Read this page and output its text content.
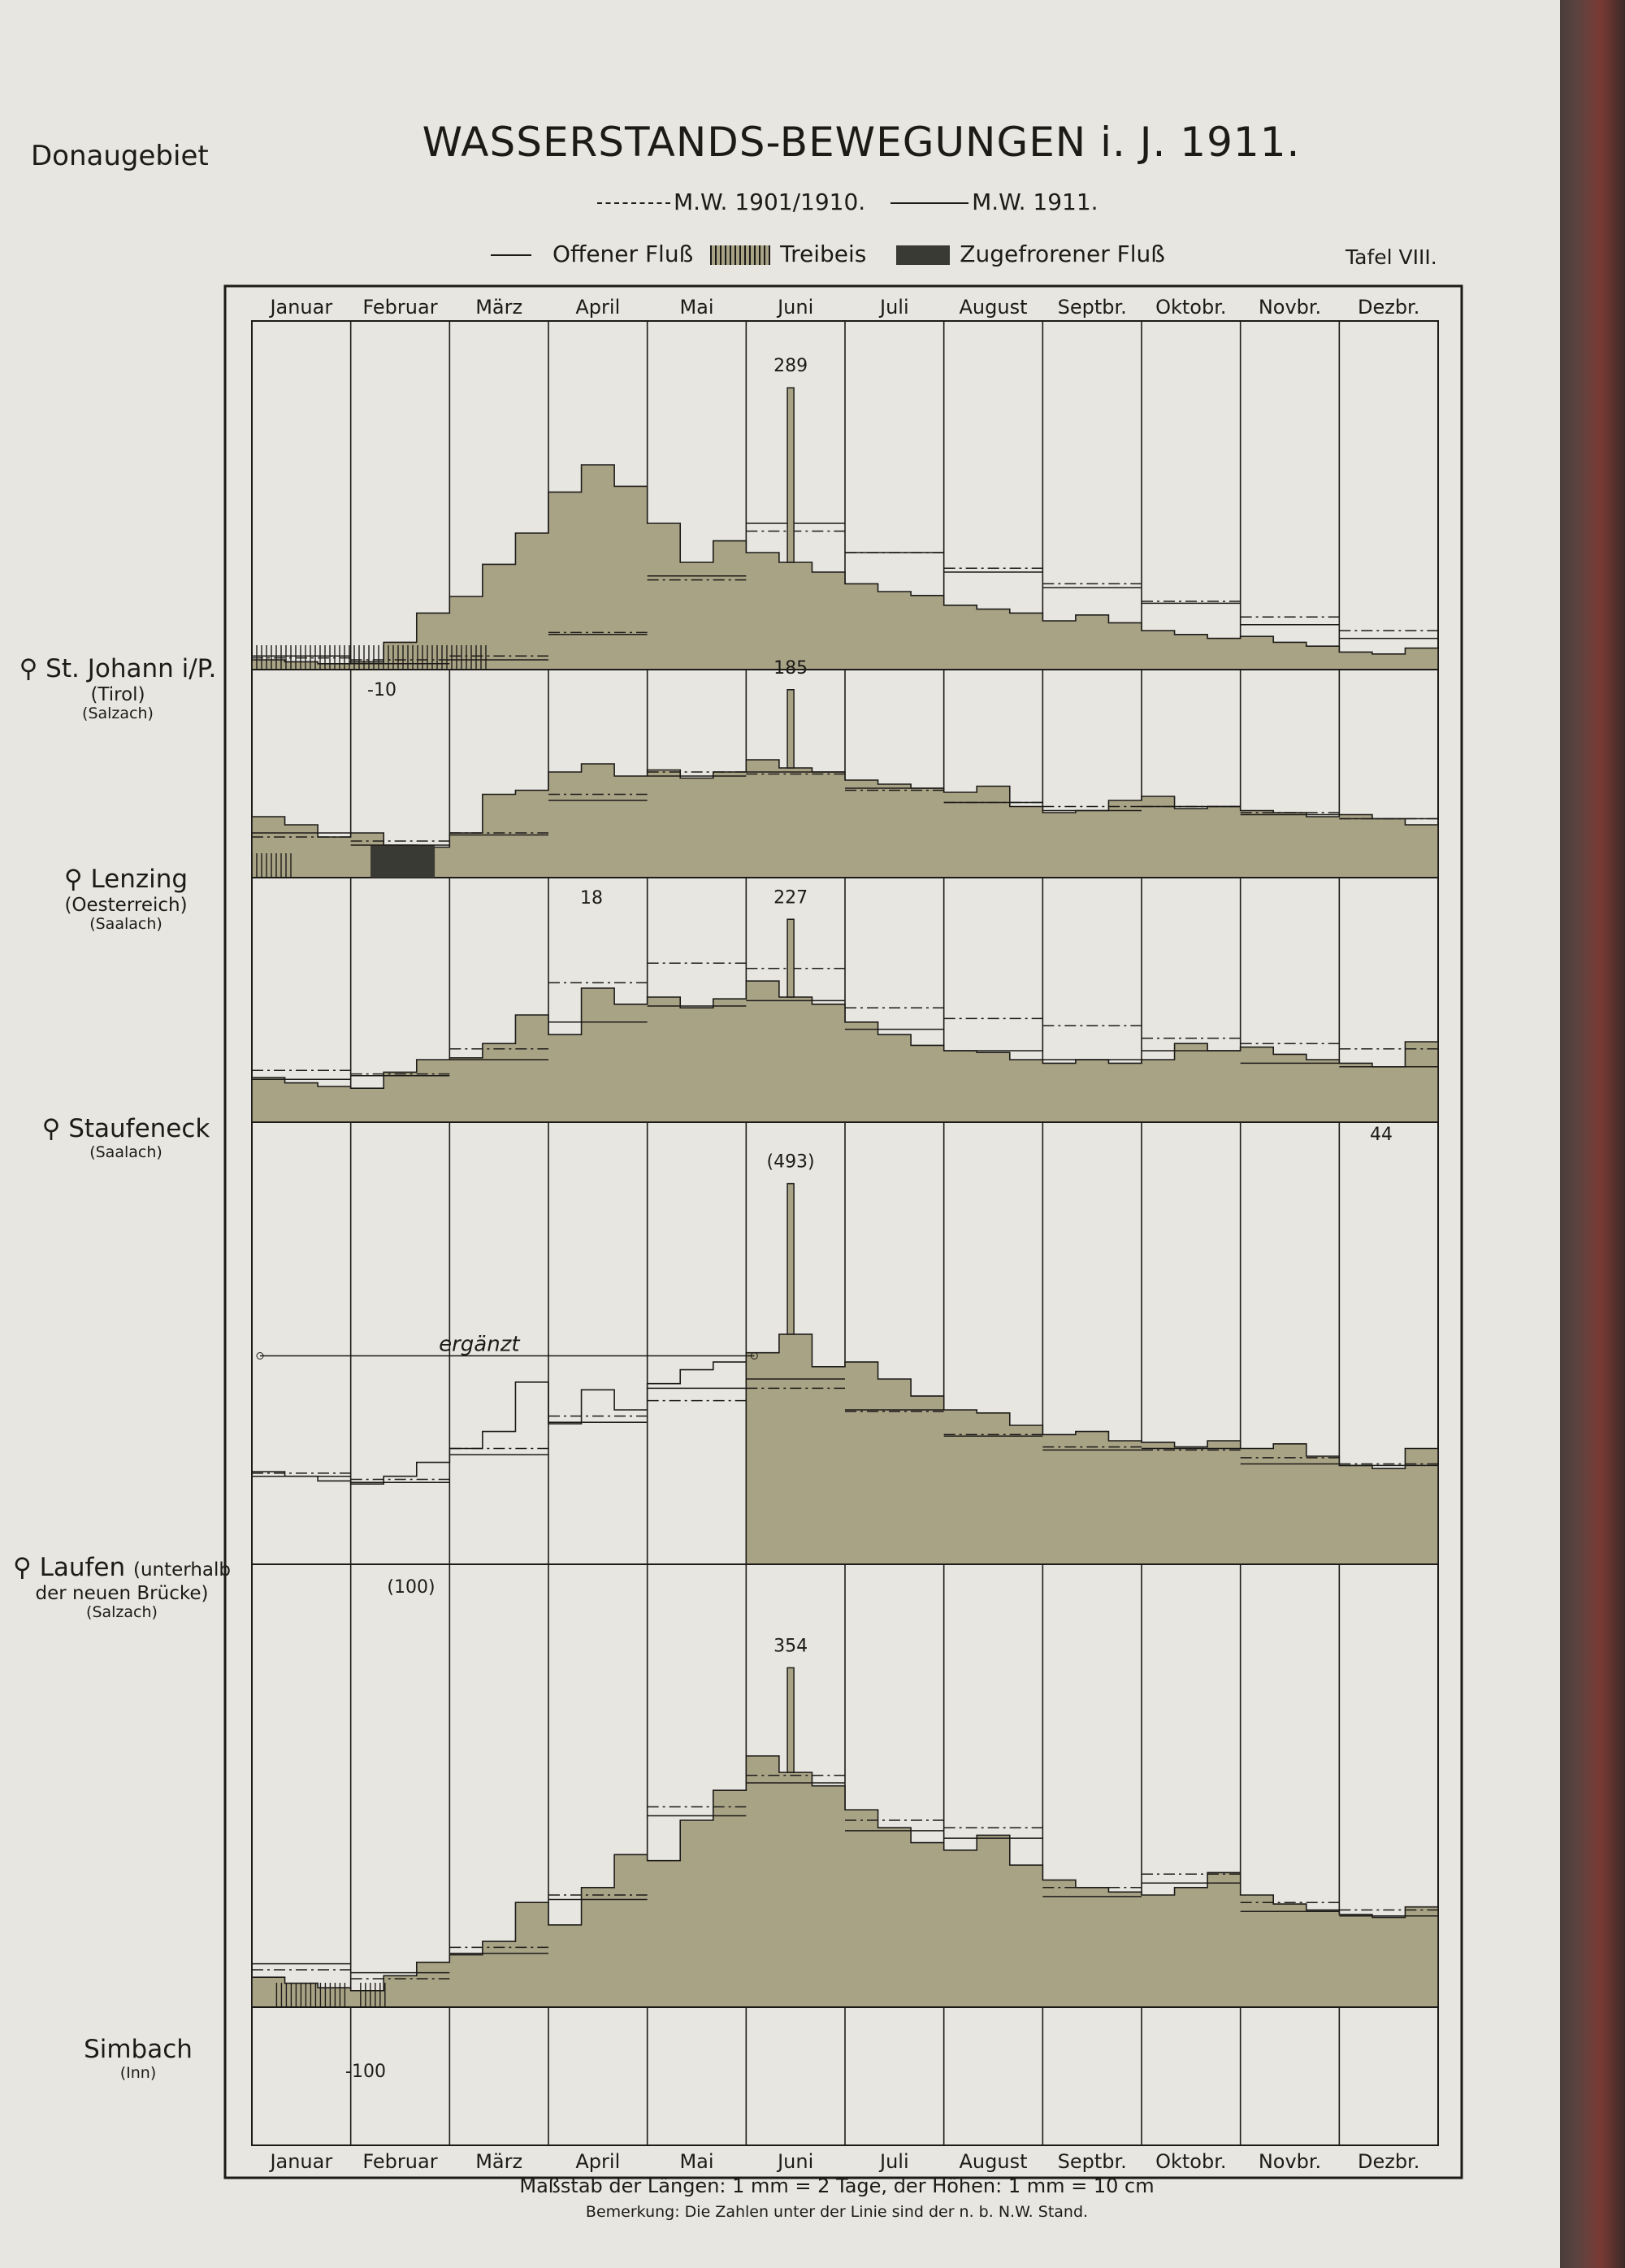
Donaugebiet	WASSERSTANDS-BEWEGUNGEN i. J. 1911.
M.W. 1901/1910.	M.W. 1911.
Offener Fluß	Treibeis	Zugefrorener Fluß	Tafel VIII.
⚲ St. Johann i/P.
(Tirol)
(Salzach)
⚲ Lenzing
(Oesterreich)
(Saalach)
⚲ Staufeneck
(Saalach)
⚲ Laufen (unterhalb
der neuen Brücke)
(Salzach)
Simbach
(Inn)
Januar
Januar
Februar
Februar
März
März
April
April
Mai
Mai
Juni
Juni
Juli
Juli
August
August
Septbr.
Septbr.
Oktobr.
Oktobr.
Novbr.
Novbr.
Dezbr.
Dezbr.
289
-10
185
18	227
44
ergänzt
(493)
(100)
354
-100
Maßstab der Längen: 1 mm = 2 Tage, der Höhen: 1 mm = 10 cm
Bemerkung: Die Zahlen unter der Linie sind der n. b. N.W. Stand.
